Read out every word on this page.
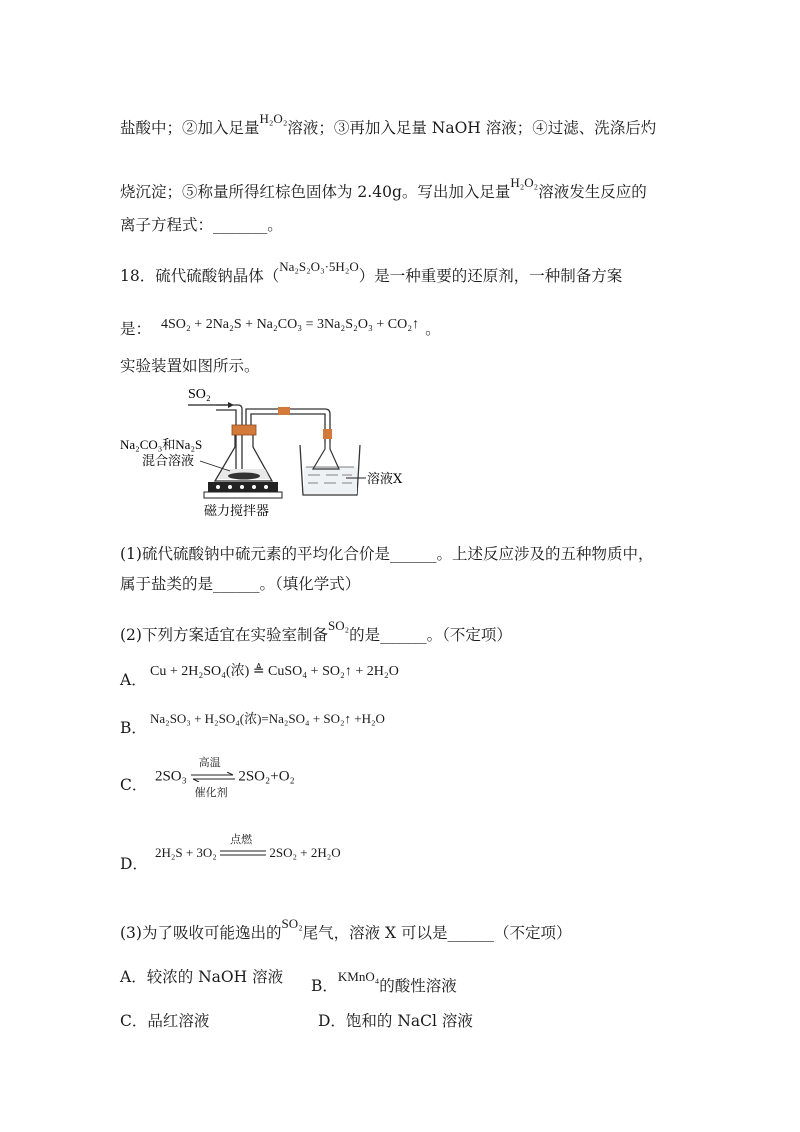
盐酸中；②加入足量H₂O₂溶液；③再加入足量 NaOH 溶液；④过滤、洗涤后灼
烧沉淀；⑤称量所得红棕色固体为 2.40g。写出加入足量H₂O₂溶液发生反应的
离子方程式：_______。
18．硫代硫酸钠晶体（Na₂S₂O₃·5H₂O）是一种重要的还原剂，一种制备方案
是： 4SO₂ + 2Na₂S + Na₂CO₃ = 3Na₂S₂O₃ + CO₂↑ 。
实验装置如图所示。
SO₂
磁力搅拌器
Na₂CO₃和Na₂S
混合溶液
溶液X
(1)硫代硫酸钠中硫元素的平均化合价是______。上述反应涉及的五种物质中，
属于盐类的是______。（填化学式）
(2)下列方案适宜在实验室制备SO₂的是______。（不定项）
A． Cu + 2H₂SO₄(浓) ≜ CuSO₄ + SO₂↑ + 2H₂O
B．Na₂SO₃ + H₂SO₄(浓)=Na₂SO₄ + SO₂↑ +H₂O
C． 2SO₃
高温
催化剂
2SO₂+O₂
D． 2H₂S + 3O₂
点燃
2SO₂ + 2H₂O
(3)为了吸收可能逸出的SO₂尾气，溶液 X 可以是______（不定项）
A．较浓的 NaOH 溶液 B．KMnO₄的酸性溶液
C．品红溶液	D．饱和的 NaCl 溶液
